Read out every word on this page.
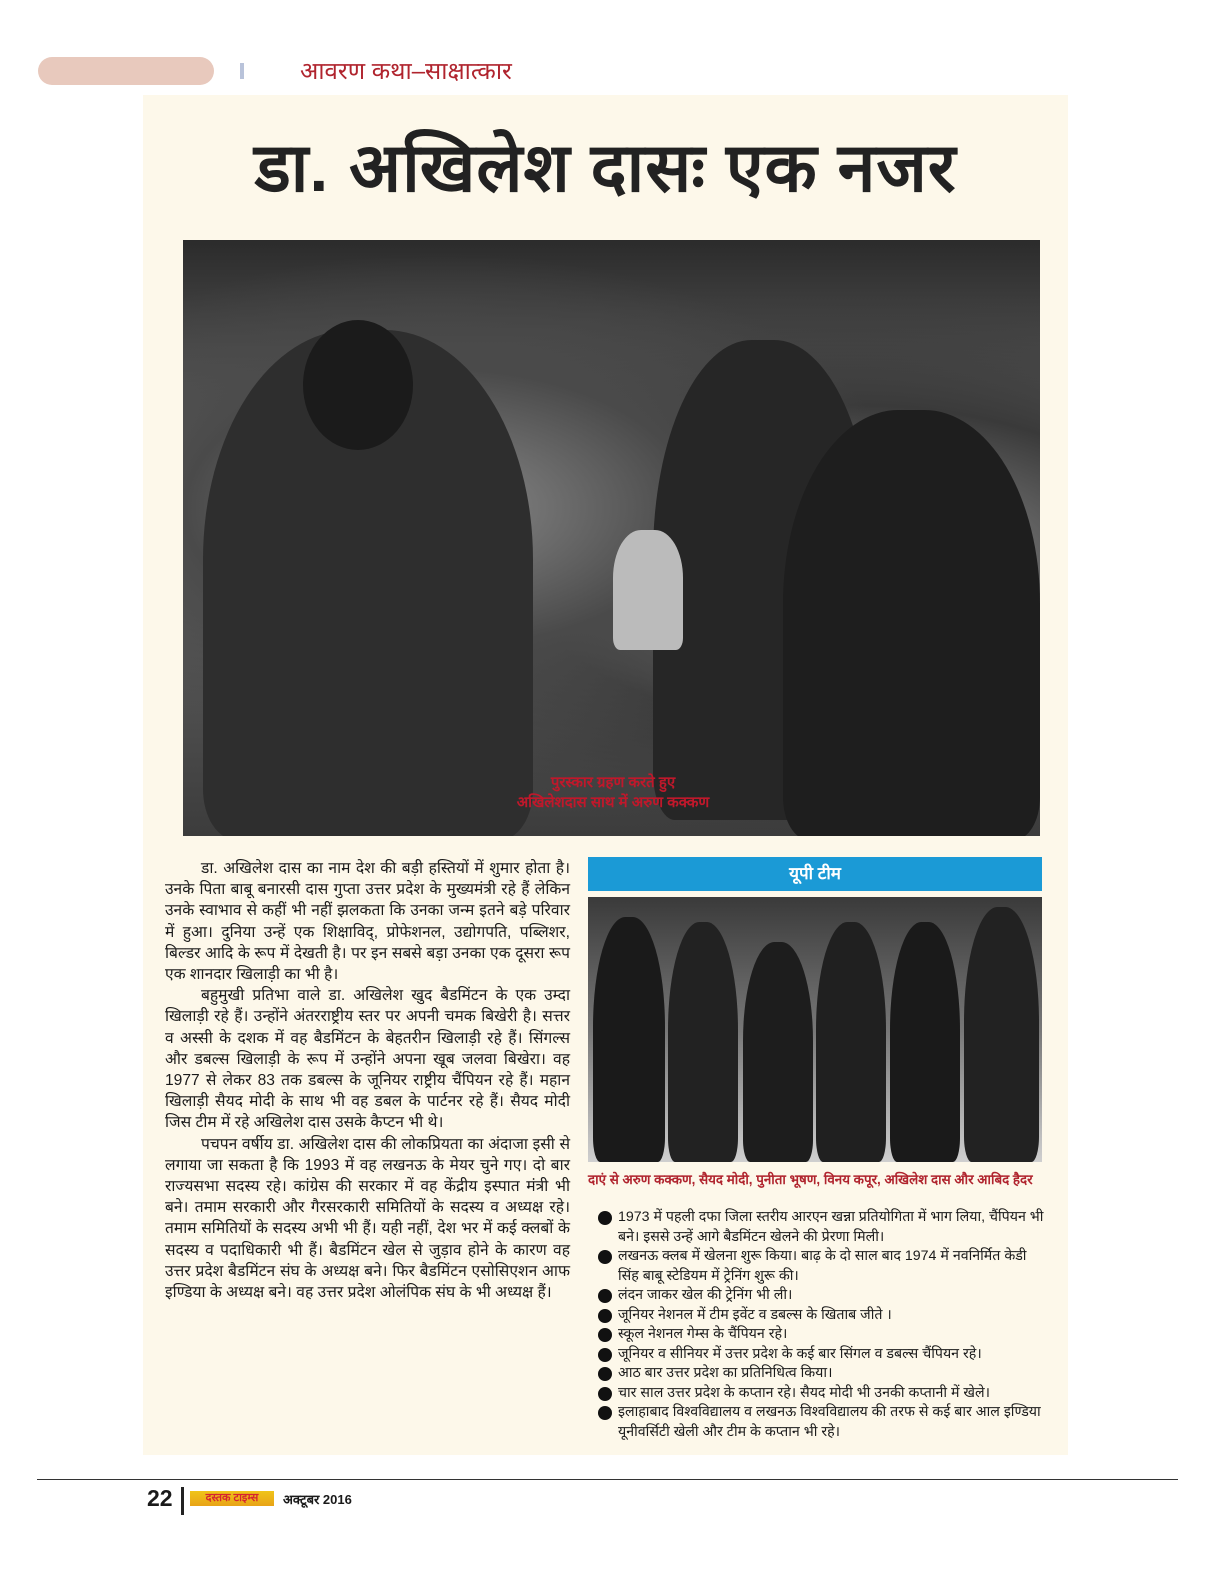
आवरण कथा–साक्षात्कार
डा. अखिलेश दासः एक नजर
पुरस्कार ग्रहण करते हुए
अखिलेशदास साथ में अरुण कक्कण

डा. अखिलेश दास का नाम देश की बड़ी हस्तियों में शुमार होता है। उनके पिता बाबू बनारसी दास गुप्ता उत्तर प्रदेश के मुख्यमंत्री रहे हैं लेकिन उनके स्वाभाव से कहीं भी नहीं झलकता कि उनका जन्म इतने बड़े परिवार में हुआ। दुनिया उन्हें एक शिक्षाविद्, प्रोफेशनल, उद्योगपति, पब्लिशर, बिल्डर आदि के रूप में देखती है। पर इन सबसे बड़ा उनका एक दूसरा रूप एक शानदार खिलाड़ी का भी है।

बहुमुखी प्रतिभा वाले डा. अखिलेश खुद बैडमिंटन के एक उम्दा खिलाड़ी रहे हैं। उन्होंने अंतरराष्ट्रीय स्तर पर अपनी चमक बिखेरी है। सत्तर व अस्सी के दशक में वह बैडमिंटन के बेहतरीन खिलाड़ी रहे हैं। सिंगल्स और डबल्स खिलाड़ी के रूप में उन्होंने अपना खूब जलवा बिखेरा। वह 1977 से लेकर 83 तक डबल्स के जूनियर राष्ट्रीय चैंपियन रहे हैं। महान खिलाड़ी सैयद मोदी के साथ भी वह डबल के पार्टनर रहे हैं। सैयद मोदी जिस टीम में रहे अखिलेश दास उसके कैप्टन भी थे।

पचपन वर्षीय डा. अखिलेश दास की लोकप्रियता का अंदाजा इसी से लगाया जा सकता है कि 1993 में वह लखनऊ के मेयर चुने गए। दो बार राज्यसभा सदस्य रहे। कांग्रेस की सरकार में वह केंद्रीय इस्पात मंत्री भी बने। तमाम सरकारी और गैरसरकारी समितियों के सदस्य व अध्यक्ष रहे। तमाम समितियों के सदस्य अभी भी हैं। यही नहीं, देश भर में कई क्लबों के सदस्य व पदाधिकारी भी हैं। बैडमिंटन खेल से जुड़ाव होने के कारण वह उत्तर प्रदेश बैडमिंटन संघ के अध्यक्ष बने। फिर बैडमिंटन एसोसिएशन आफ इण्डिया के अध्यक्ष बने। वह उत्तर प्रदेश ओलंपिक संघ के भी अध्यक्ष हैं।

यूपी टीम
दाएं से अरुण कक्कण, सैयद मोदी, पुनीता भूषण, विनय कपूर, अखिलेश दास और आबिद हैदर
1973 में पहली दफा जिला स्तरीय आरएन खन्ना प्रतियोगिता में भाग लिया, चैंपियन भी बने। इससे उन्हें आगे बैडमिंटन खेलने की प्रेरणा मिली।
लखनऊ क्लब में खेलना शुरू किया। बाढ़ के दो साल बाद 1974 में नवनिर्मित केडी सिंह बाबू स्टेडियम में ट्रेनिंग शुरू की।
लंदन जाकर खेल की ट्रेनिंग भी ली।
जूनियर नेशनल में टीम इवेंट व डबल्स के खिताब जीते ।
स्कूल नेशनल गेम्स के चैंपियन रहे।
जूनियर व सीनियर में उत्तर प्रदेश के कई बार सिंगल व डबल्स चैंपियन रहे।
आठ बार उत्तर प्रदेश का प्रतिनिधित्व किया।
चार साल उत्तर प्रदेश के कप्तान रहे। सैयद मोदी भी उनकी कप्तानी में खेले।
इलाहाबाद विश्वविद्यालय व लखनऊ विश्वविद्यालय की तरफ से कई बार आल इण्डिया यूनीवर्सिटी खेली और टीम के कप्तान भी रहे।
22	दस्तक टाइम्स	अक्टूबर 2016
